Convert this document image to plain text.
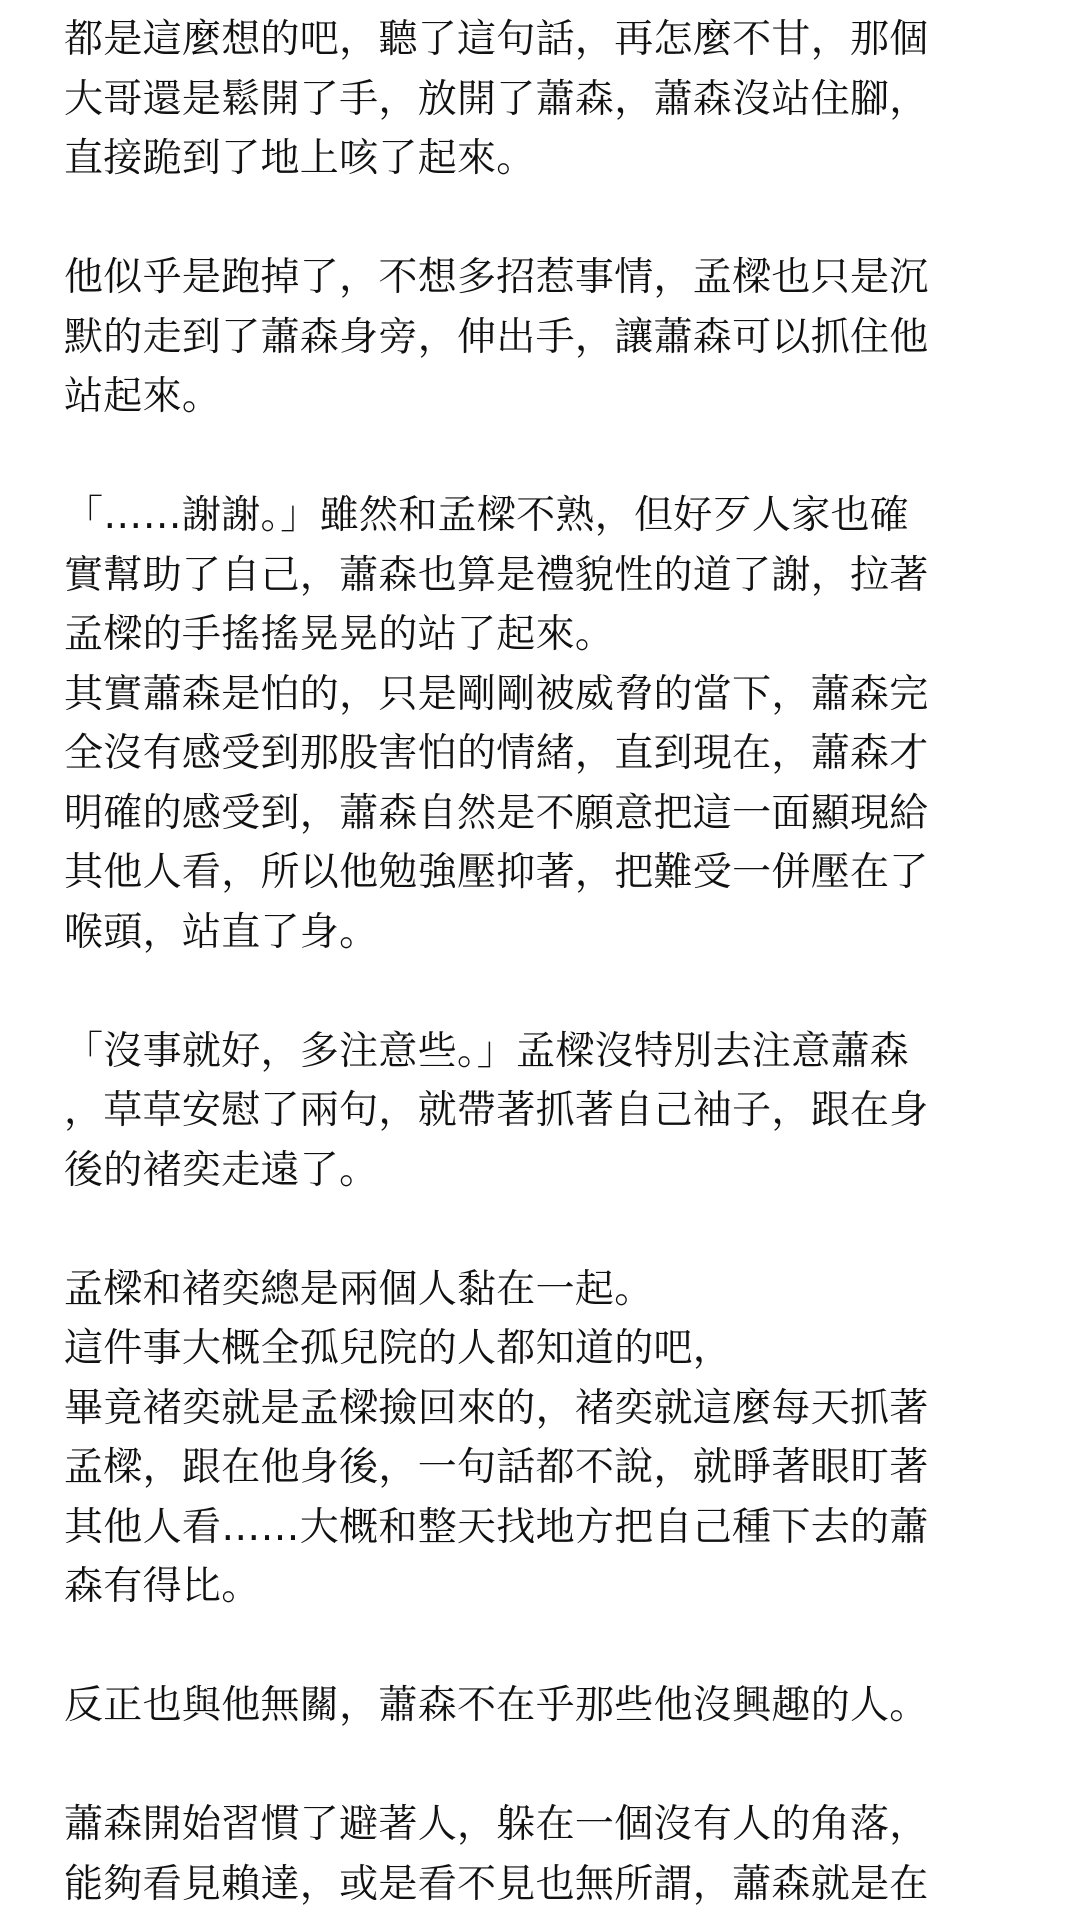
都是這麼想的吧，聽了這句話，再怎麼不甘，那個
大哥還是鬆開了手，放開了蕭森，蕭森沒站住腳，
直接跪到了地上咳了起來。
他似乎是跑掉了，不想多招惹事情，孟樑也只是沉
默的走到了蕭森身旁，伸出手，讓蕭森可以抓住他
站起來。
「……謝謝。」雖然和孟樑不熟，但好歹人家也確
實幫助了自己，蕭森也算是禮貌性的道了謝，拉著
孟樑的手搖搖晃晃的站了起來。
其實蕭森是怕的，只是剛剛被威脅的當下，蕭森完
全沒有感受到那股害怕的情緒，直到現在，蕭森才
明確的感受到，蕭森自然是不願意把這一面顯現給
其他人看，所以他勉強壓抑著，把難受一併壓在了
喉頭，站直了身。
「沒事就好，多注意些。」孟樑沒特別去注意蕭森
，草草安慰了兩句，就帶著抓著自己袖子，跟在身
後的褚奕走遠了。
孟樑和褚奕總是兩個人黏在一起。
這件事大概全孤兒院的人都知道的吧，
畢竟褚奕就是孟樑撿回來的，褚奕就這麼每天抓著
孟樑，跟在他身後，一句話都不說，就睜著眼盯著
其他人看……大概和整天找地方把自己種下去的蕭
森有得比。
反正也與他無關，蕭森不在乎那些他沒興趣的人。
蕭森開始習慣了避著人，躲在一個沒有人的角落，
能夠看見賴達，或是看不見也無所謂，蕭森就是在
